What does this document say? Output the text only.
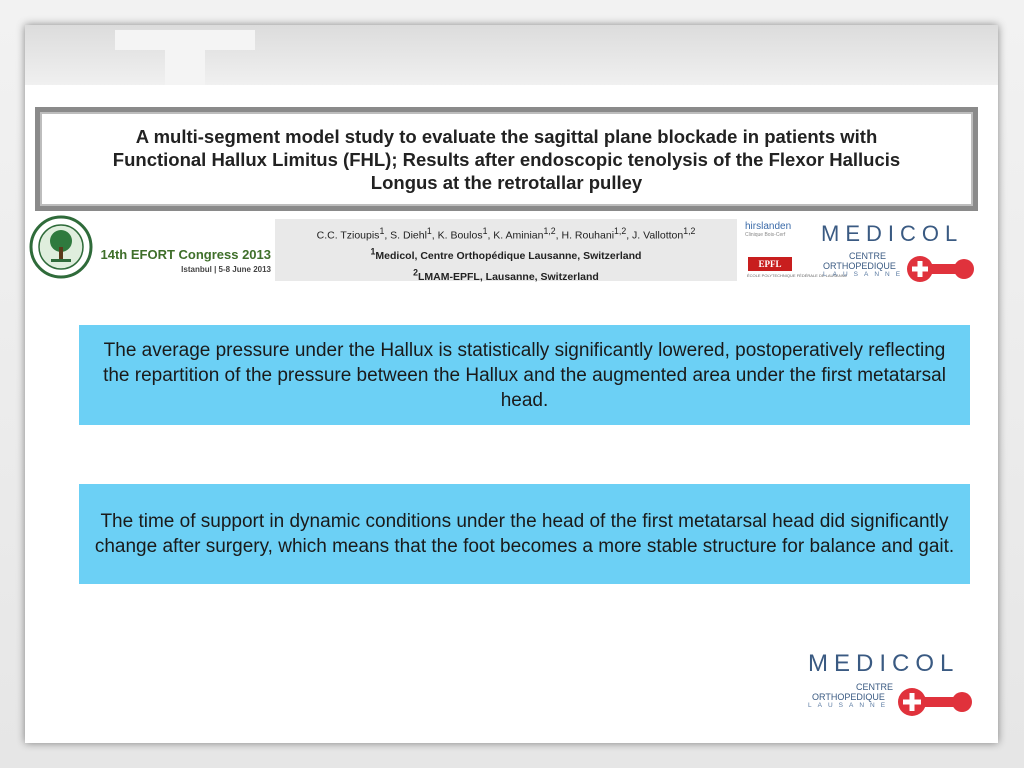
A multi-segment model study to evaluate the sagittal plane blockade in patients with
Functional Hallux Limitus (FHL); Results after endoscopic tenolysis of the Flexor Hallucis
Longus at the retrotallar pulley
14th EFORT Congress 2013
Istanbul | 5-8 June 2013
C.C. Tzioupis$^1$, S. Diehl$^1$, K. Boulos$^1$, K. Aminian$^{1,2}$, H. Rouhani$^{1,2}$, J. Vallotton$^{1,2}$
$^1$Medicol, Centre Orthopédique Lausanne, Switzerland
$^2$LMAM-EPFL, Lausanne, Switzerland
hirslanden
Clinique Bois-Cerf
EPFL
ÉCOLE POLYTECHNIQUE FÉDÉRALE DE LAUSANNE
MEDICOL
CENTRE
ORTHOPEDIQUE
LAUSANNE
The average pressure under the Hallux is statistically significantly lowered, postoperatively reflecting the repartition of the pressure between the Hallux and the augmented area under the first metatarsal head.
The time of support in dynamic conditions under the head of the first metatarsal head did significantly change after surgery, which means that the foot becomes a more stable structure for balance and gait.
MEDICOL
CENTRE
ORTHOPEDIQUE
LAUSANNE
